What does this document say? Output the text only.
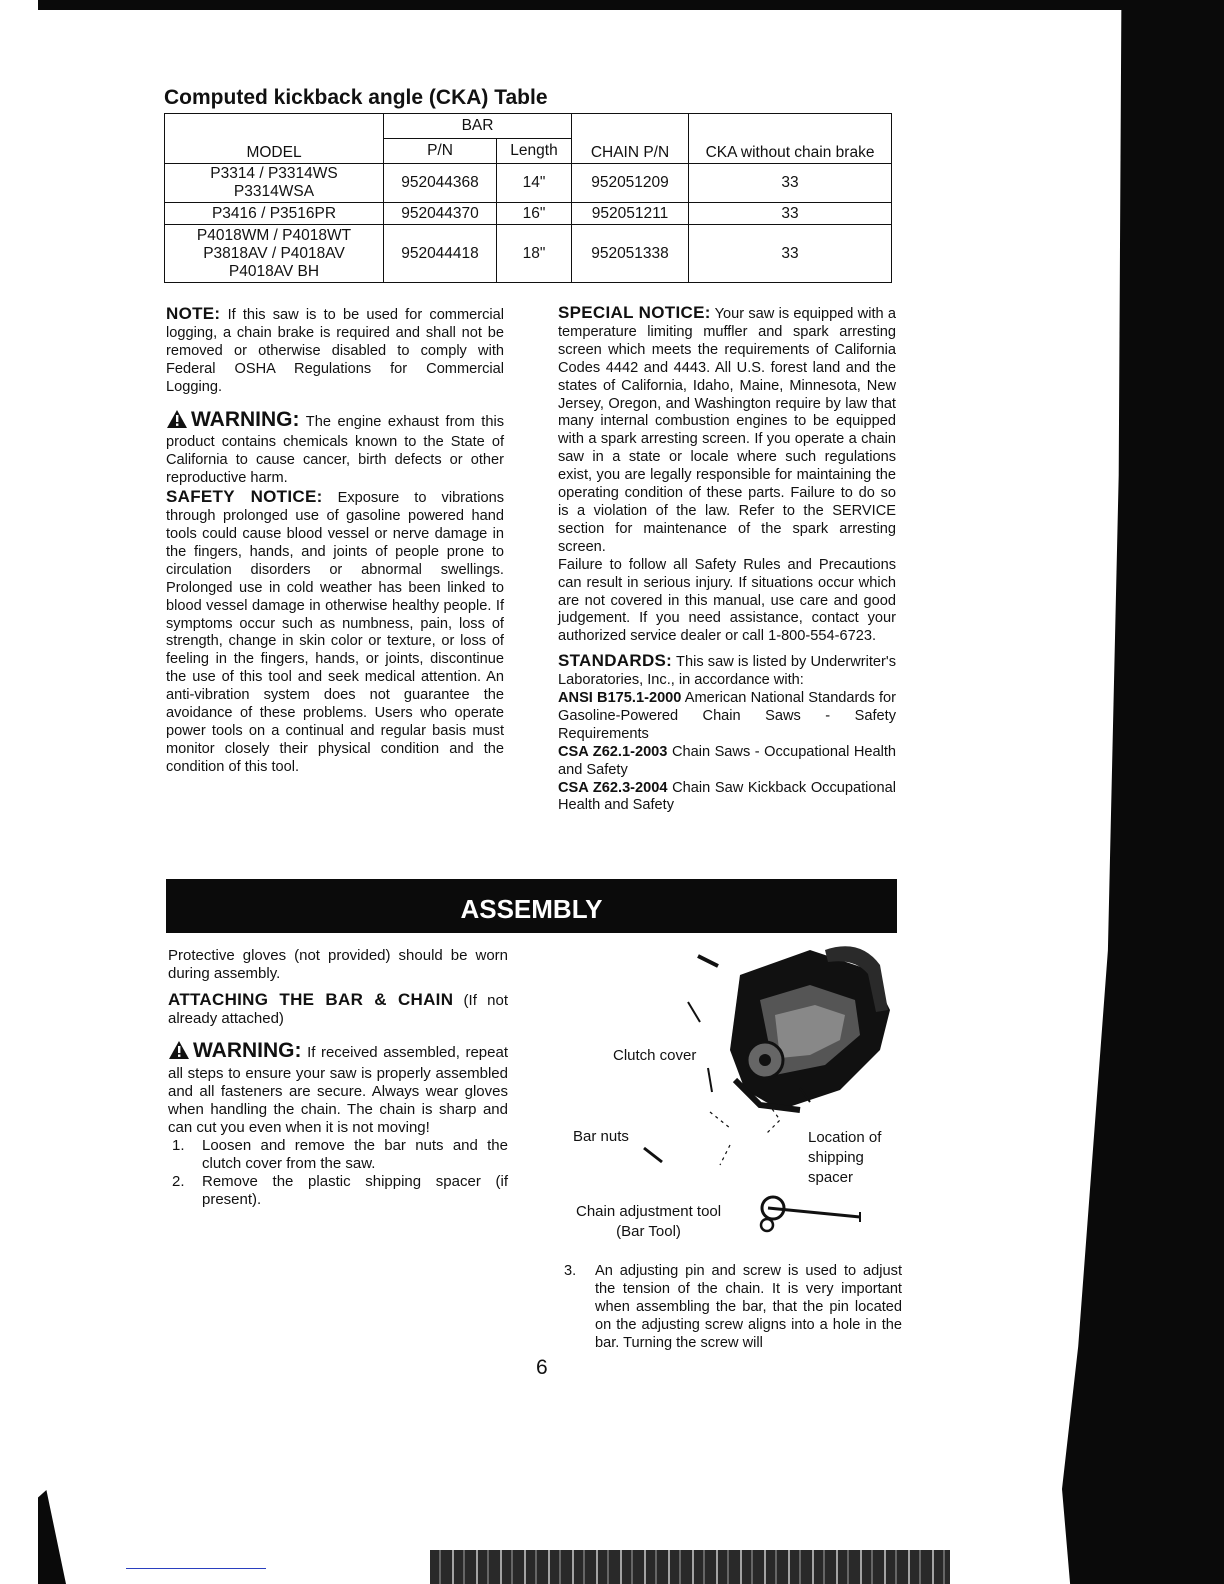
Computed kickback angle (CKA) Table
MODEL	BAR		CHAIN P/N	CKA without chain brake
	P/N	Length		
P3314 / P3314WS
P3314WSA	952044368	14"	952051209	33
P3416 / P3516PR	952044370	16"	952051211	33
P4018WM / P4018WT
P3818AV / P4018AV
P4018AV BH	952044418	18"	952051338	33

NOTE: If this saw is to be used for commercial logging, a chain brake is required and shall not be removed or otherwise disabled to comply with Federal OSHA Regulations for Commercial Logging.

WARNING: The engine exhaust from this product contains chemicals known to the State of California to cause cancer, birth defects or other reproductive harm.

SAFETY NOTICE: Exposure to vibrations through prolonged use of gasoline powered hand tools could cause blood vessel or nerve damage in the fingers, hands, and joints of people prone to circulation disorders or abnormal swellings. Prolonged use in cold weather has been linked to blood vessel damage in otherwise healthy people. If symptoms occur such as numbness, pain, loss of strength, change in skin color or texture, or loss of feeling in the fingers, hands, or joints, discontinue the use of this tool and seek medical attention. An anti-vibration system does not guarantee the avoidance of these problems. Users who operate power tools on a continual and regular basis must monitor closely their physical condition and the condition of this tool.

SPECIAL NOTICE: Your saw is equipped with a temperature limiting muffler and spark arresting screen which meets the requirements of California Codes 4442 and 4443. All U.S. forest land and the states of California, Idaho, Maine, Minnesota, New Jersey, Oregon, and Washington require by law that many internal combustion engines to be equipped with a spark arresting screen. If you operate a chain saw in a state or locale where such regulations exist, you are legally responsible for maintaining the operating condition of these parts. Failure to do so is a violation of the law. Refer to the SERVICE section for maintenance of the spark arresting screen.

Failure to follow all Safety Rules and Precautions can result in serious injury. If situations occur which are not covered in this manual, use care and good judgement. If you need assistance, contact your authorized service dealer or call 1-800-554-6723.

STANDARDS: This saw is listed by Underwriter's Laboratories, Inc., in accordance with:

ANSI B175.1-2000 American National Standards for Gasoline-Powered Chain Saws - Safety Requirements

CSA Z62.1-2003 Chain Saws - Occupational Health and Safety

CSA Z62.3-2004 Chain Saw Kickback Occupational Health and Safety

ASSEMBLY

Protective gloves (not provided) should be worn during assembly.

ATTACHING THE BAR & CHAIN (If not already attached)

WARNING: If received assembled, repeat all steps to ensure your saw is properly assembled and all fasteners are secure. Always wear gloves when handling the chain. The chain is sharp and can cut you even when it is not moving!

1. Loosen and remove the bar nuts and the clutch cover from the saw.
2. Remove the plastic shipping spacer (if present).
Clutch cover
Bar nuts	Location of
shipping
spacer
Chain adjustment tool
(Bar Tool)
3. An adjusting pin and screw is used to adjust the tension of the chain. It is very important when assembling the bar, that the pin located on the adjusting screw aligns into a hole in the bar. Turning the screw will
6
